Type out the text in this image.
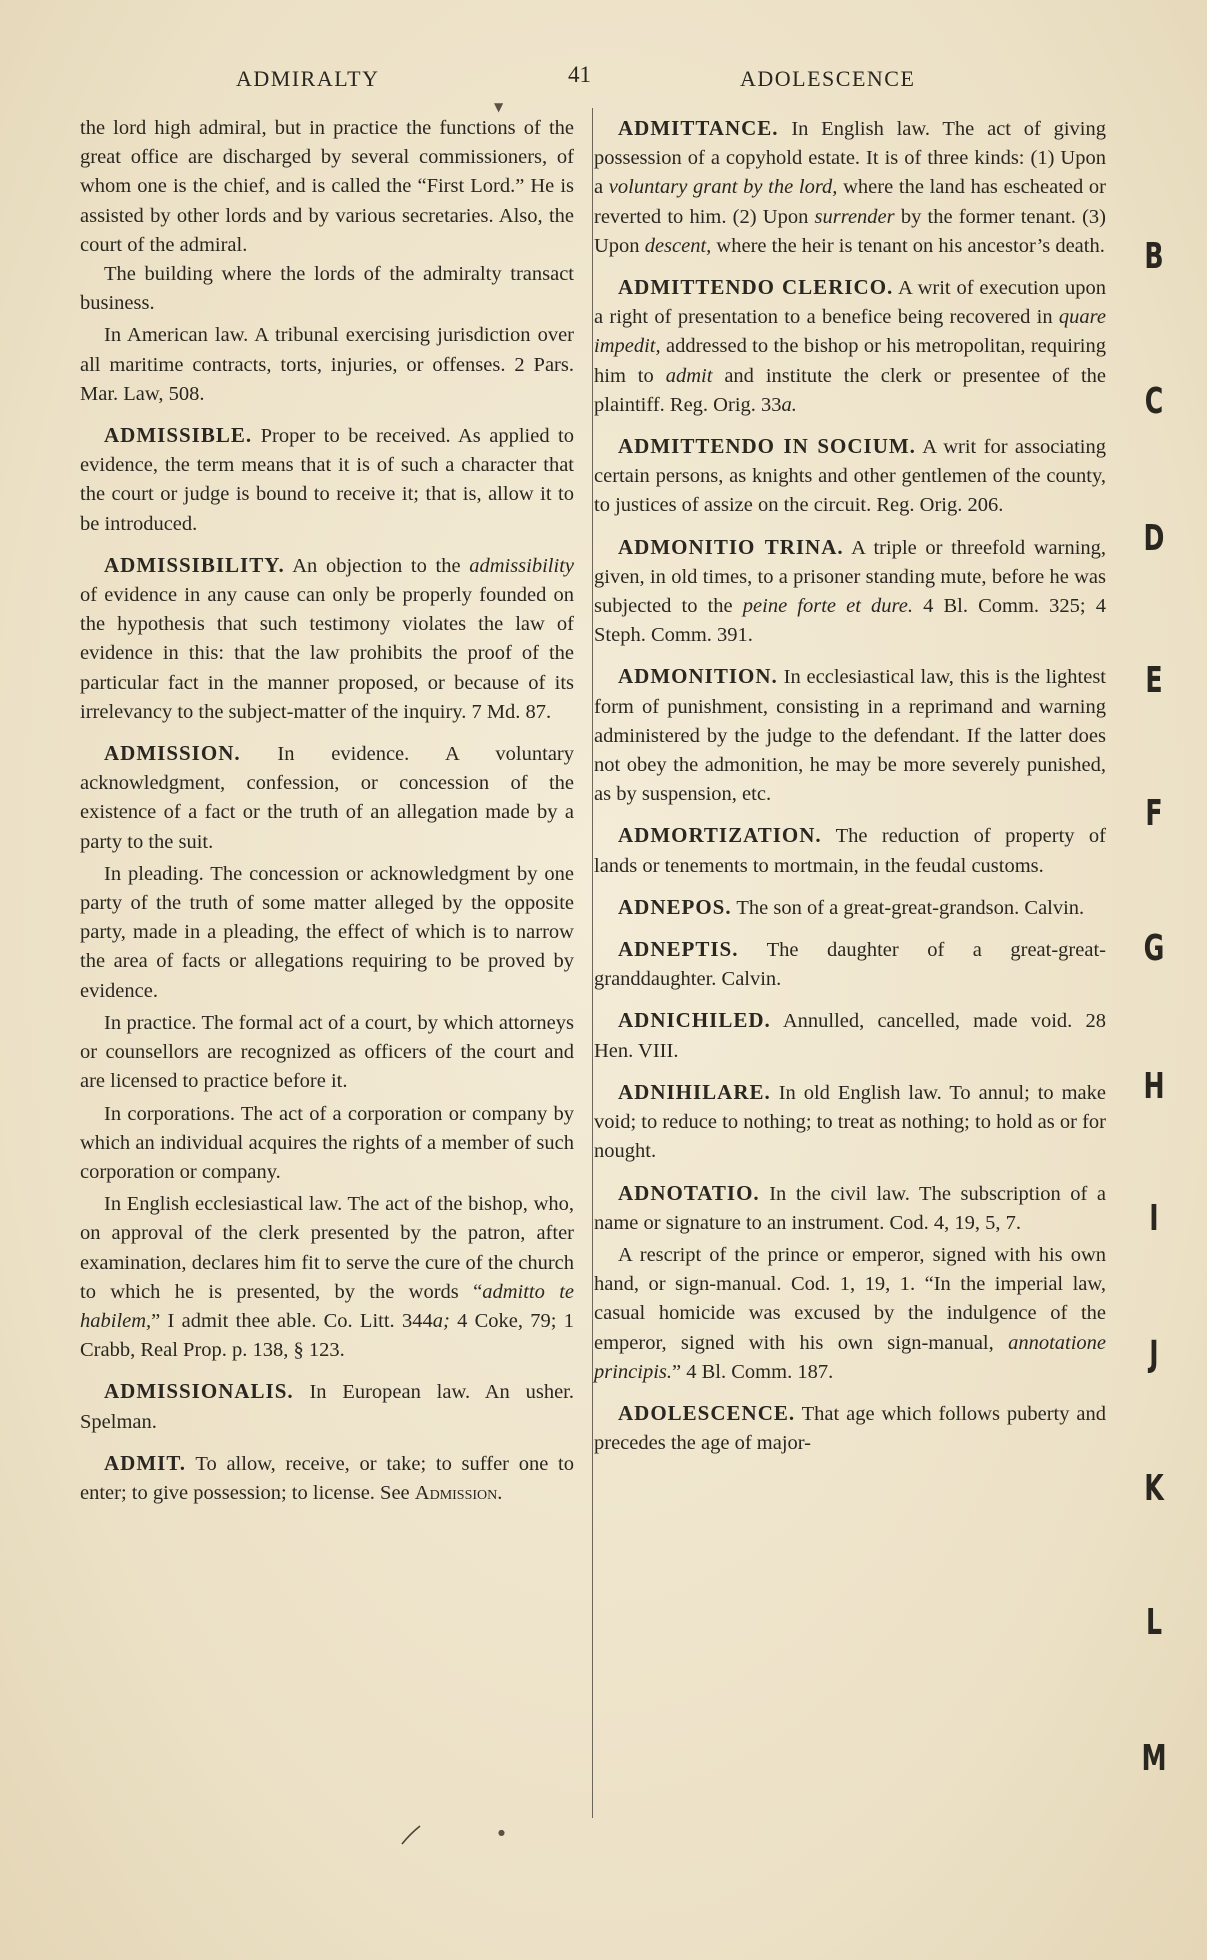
ADMIRALTY	41	ADOLESCENCE
▼

the lord high admiral, but in practice the functions of the great office are discharged by several commissioners, of whom one is the chief, and is called the “First Lord.” He is assisted by other lords and by various secretaries. Also, the court of the admiral.

The building where the lords of the admiralty transact business.

In American law. A tribunal exercising jurisdiction over all maritime contracts, torts, injuries, or offenses. 2 Pars. Mar. Law, 508.

ADMISSIBLE. Proper to be received. As applied to evidence, the term means that it is of such a character that the court or judge is bound to receive it; that is, allow it to be introduced.

ADMISSIBILITY. An objection to the admissibility of evidence in any cause can only be properly founded on the hypothesis that such testimony violates the law of evidence in this: that the law prohibits the proof of the particular fact in the manner proposed, or because of its irrelevancy to the subject-matter of the inquiry. 7 Md. 87.

ADMISSION. In evidence. A voluntary acknowledgment, confession, or concession of the existence of a fact or the truth of an allegation made by a party to the suit.

In pleading. The concession or acknowledgment by one party of the truth of some matter alleged by the opposite party, made in a pleading, the effect of which is to narrow the area of facts or allegations requiring to be proved by evidence.

In practice. The formal act of a court, by which attorneys or counsellors are recognized as officers of the court and are licensed to practice before it.

In corporations. The act of a corporation or company by which an individual acquires the rights of a member of such corporation or company.

In English ecclesiastical law. The act of the bishop, who, on approval of the clerk presented by the patron, after examination, declares him fit to serve the cure of the church to which he is presented, by the words “admitto te habilem,” I admit thee able. Co. Litt. 344a; 4 Coke, 79; 1 Crabb, Real Prop. p. 138, § 123.

ADMISSIONALIS. In European law. An usher. Spelman.

ADMIT. To allow, receive, or take; to suffer one to enter; to give possession; to license. See Admission.

ADMITTANCE. In English law. The act of giving possession of a copyhold estate. It is of three kinds: (1) Upon a voluntary grant by the lord, where the land has escheated or reverted to him. (2) Upon surrender by the former tenant. (3) Upon descent, where the heir is tenant on his ancestor’s death.

ADMITTENDO CLERICO. A writ of execution upon a right of presentation to a benefice being recovered in quare impedit, addressed to the bishop or his metropolitan, requiring him to admit and institute the clerk or presentee of the plaintiff. Reg. Orig. 33a.

ADMITTENDO IN SOCIUM. A writ for associating certain persons, as knights and other gentlemen of the county, to justices of assize on the circuit. Reg. Orig. 206.

ADMONITIO TRINA. A triple or threefold warning, given, in old times, to a prisoner standing mute, before he was subjected to the peine forte et dure. 4 Bl. Comm. 325; 4 Steph. Comm. 391.

ADMONITION. In ecclesiastical law, this is the lightest form of punishment, consisting in a reprimand and warning administered by the judge to the defendant. If the latter does not obey the admonition, he may be more severely punished, as by suspension, etc.

ADMORTIZATION. The reduction of property of lands or tenements to mortmain, in the feudal customs.

ADNEPOS. The son of a great-great-grandson. Calvin.

ADNEPTIS. The daughter of a great-great-granddaughter. Calvin.

ADNICHILED. Annulled, cancelled, made void. 28 Hen. VIII.

ADNIHILARE. In old English law. To annul; to make void; to reduce to nothing; to treat as nothing; to hold as or for nought.

ADNOTATIO. In the civil law. The subscription of a name or signature to an instrument. Cod. 4, 19, 5, 7.

A rescript of the prince or emperor, signed with his own hand, or sign-manual. Cod. 1, 19, 1. “In the imperial law, casual homicide was excused by the indulgence of the emperor, signed with his own sign-manual, annotatione principis.” 4 Bl. Comm. 187.

ADOLESCENCE. That age which follows puberty and precedes the age of major-

B
C
D
E
F
G
H
I
J
K
L
M
●
